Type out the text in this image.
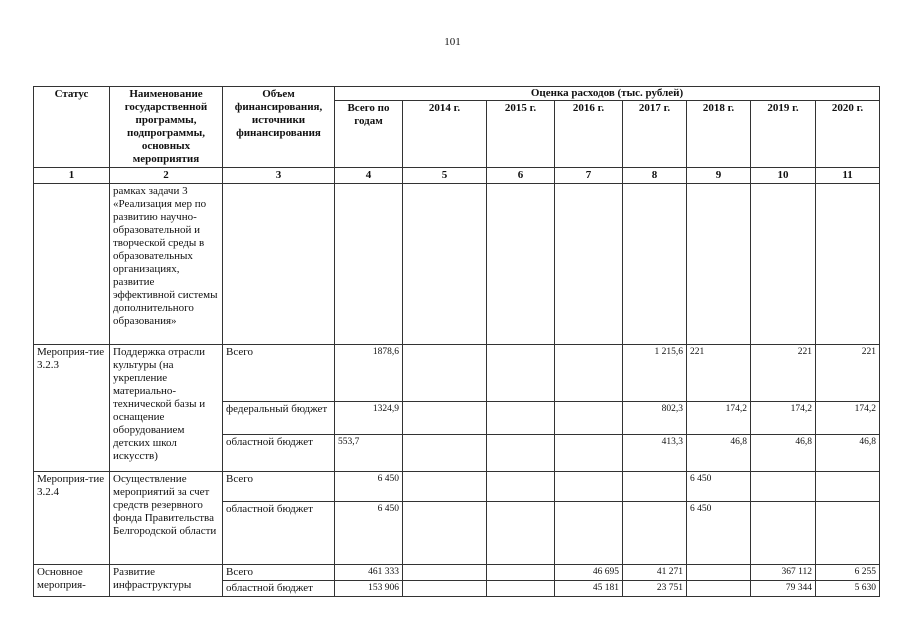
101
Статус	Наименование государственной программы, подпрограммы, основных мероприятия	Объем финансирования, источники финансирования	Оценка расходов (тыс. рублей)							
			Всего по годам	2014 г.	2015 г.	2016 г.	2017 г.	2018 г.	2019 г.	2020 г.
1	2	3	4	5	6	7	8	9	10	11
	рамках задачи 3 «Реализация мер по развитию научно-образовательной и творческой среды в образовательных организациях, развитие эффективной системы дополнительного образования»									
Мероприя-тие 3.2.3	Поддержка отрасли культуры (на укрепление материально-технической базы и оснащение оборудованием детских школ искусств)	Всего	1878,6				1 215,6	221	221	221
		федеральный бюджет	1324,9				802,3	174,2	174,2	174,2
		областной бюджет	553,7				413,3	46,8	46,8	46,8
Мероприя-тие 3.2.4	Осуществление мероприятий за счет средств резервного фонда Правительства Белгородской области	Всего	6 450					6 450		
		областной бюджет	6 450					6 450		
Основное мероприя-	Развитие инфраструктуры	Всего	461 333			46 695	41 271		367 112	6 255
		областной бюджет	153 906			45 181	23 751		79 344	5 630
